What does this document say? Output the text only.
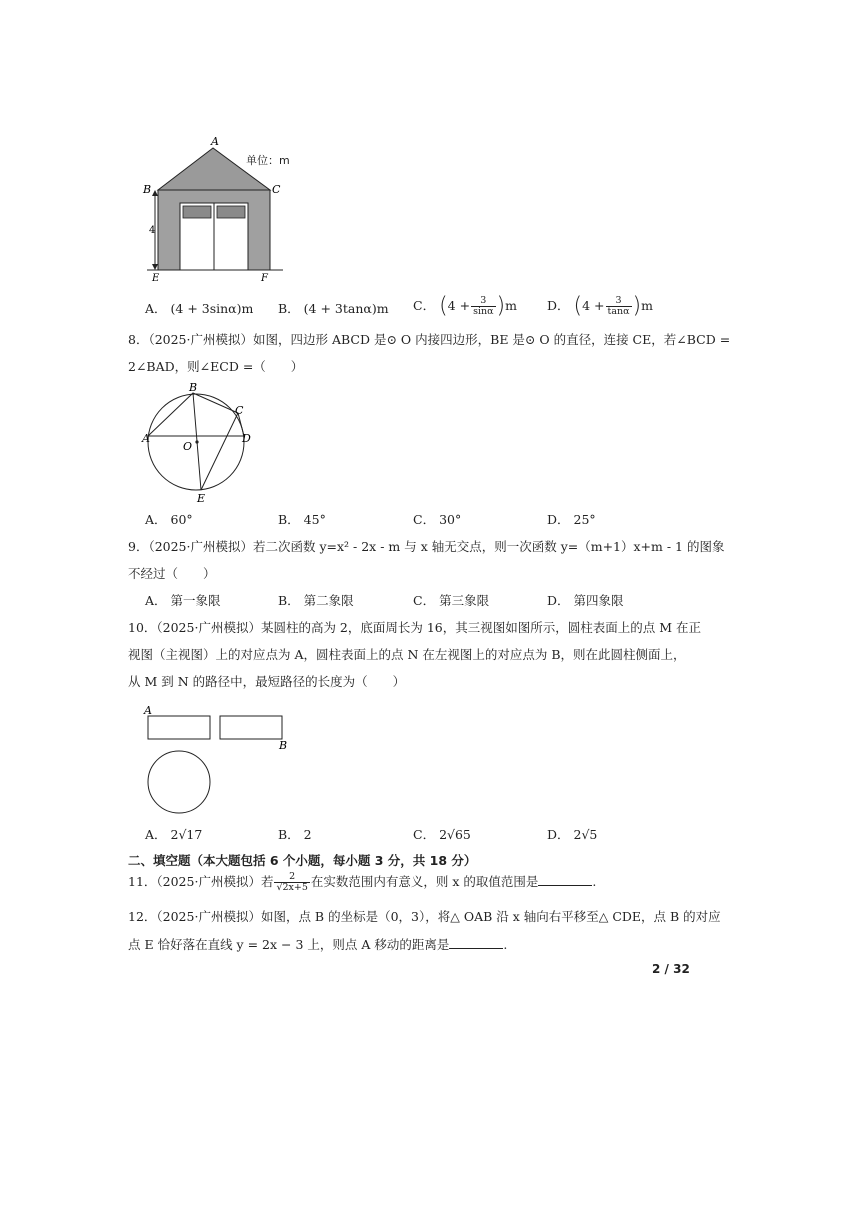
A
B	C
E	F
4
单位：m
A． (4 + 3sinα)m B． (4 + 3tanα)m C． $(4 + \frac{3}{\sin\alpha} )m$ D． $(4 + \frac{3}{\tan\alpha} )m$
8．（2025·广州模拟）如图，四边形 ABCD 是⊙ O 内接四边形，BE 是⊙ O 的直径，连接 CE，若∠BCD =
2∠BAD，则∠ECD =（　　）
B
C
O
A	D
E
A． 60°	B． 45°	C． 30°	D． 25°
9．（2025·广州模拟）若二次函数 y=x² - 2x - m 与 x 轴无交点，则一次函数 y=（m+1）x+m - 1 的图象
不经过（　　）
A． 第一象限	B． 第二象限	C． 第三象限	D． 第四象限
10．（2025·广州模拟）某圆柱的高为 2，底面周长为 16，其三视图如图所示，圆柱表面上的点 M 在正
视图（主视图）上的对应点为 A，圆柱表面上的点 N 在左视图上的对应点为 B，则在此圆柱侧面上，
从 M 到 N 的路径中，最短路径的长度为（　　）
A
B
A． 2√17	B． 2	C． 2√65	D． 2√5
二、填空题（本大题包括 6 个小题，每小题 3 分，共 18 分）
11．（2025·广州模拟）若 $\frac{2}{√2x+5}$ 在实数范围内有意义，则 x 的取值范围是	.
12．（2025·广州模拟）如图，点 B 的坐标是（0，3），将△ OAB 沿 x 轴向右平移至△ CDE，点 B 的对应
点 E 恰好落在直线 y = 2x − 3 上，则点 A 移动的距离是	.
2 / 32
